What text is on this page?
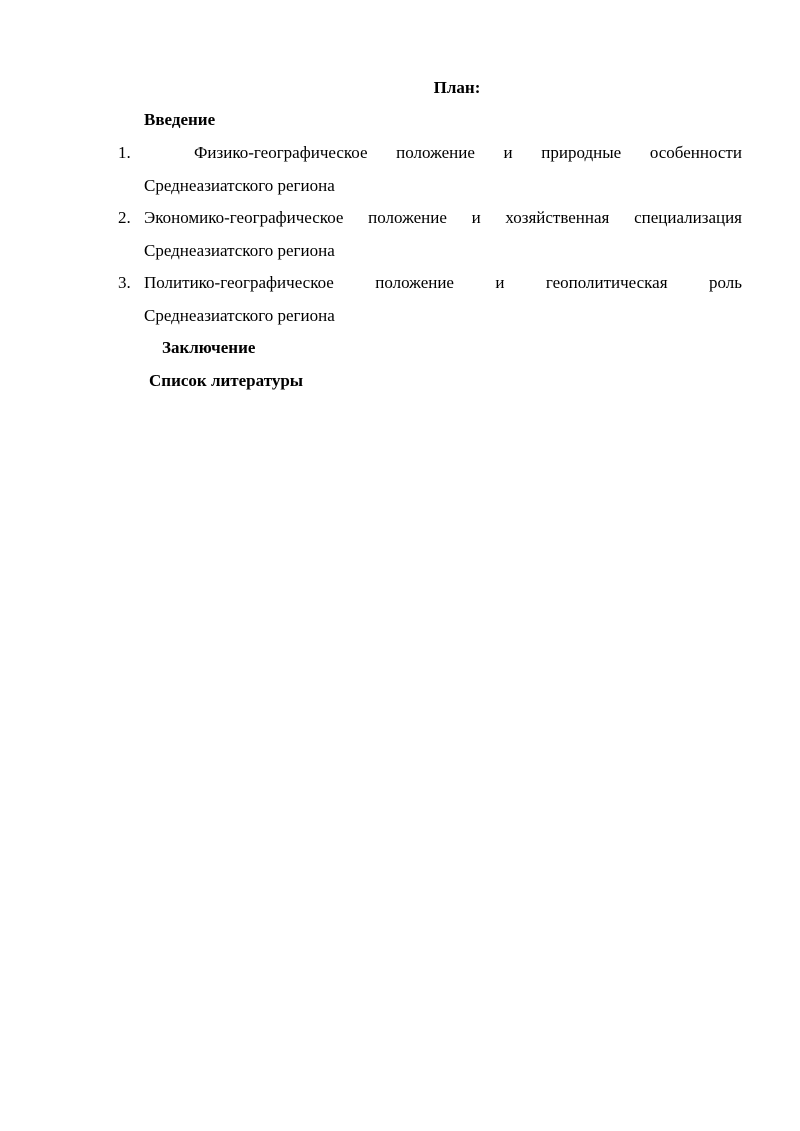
План:
Введение
1.	Физико-географическое положение и природные особенности
Среднеазиатского региона
2. Экономико-географическое положение и хозяйственная специализация
Среднеазиатского региона
3. Политико-географическое положение и геополитическая роль
Среднеазиатского региона
Заключение
Список литературы
